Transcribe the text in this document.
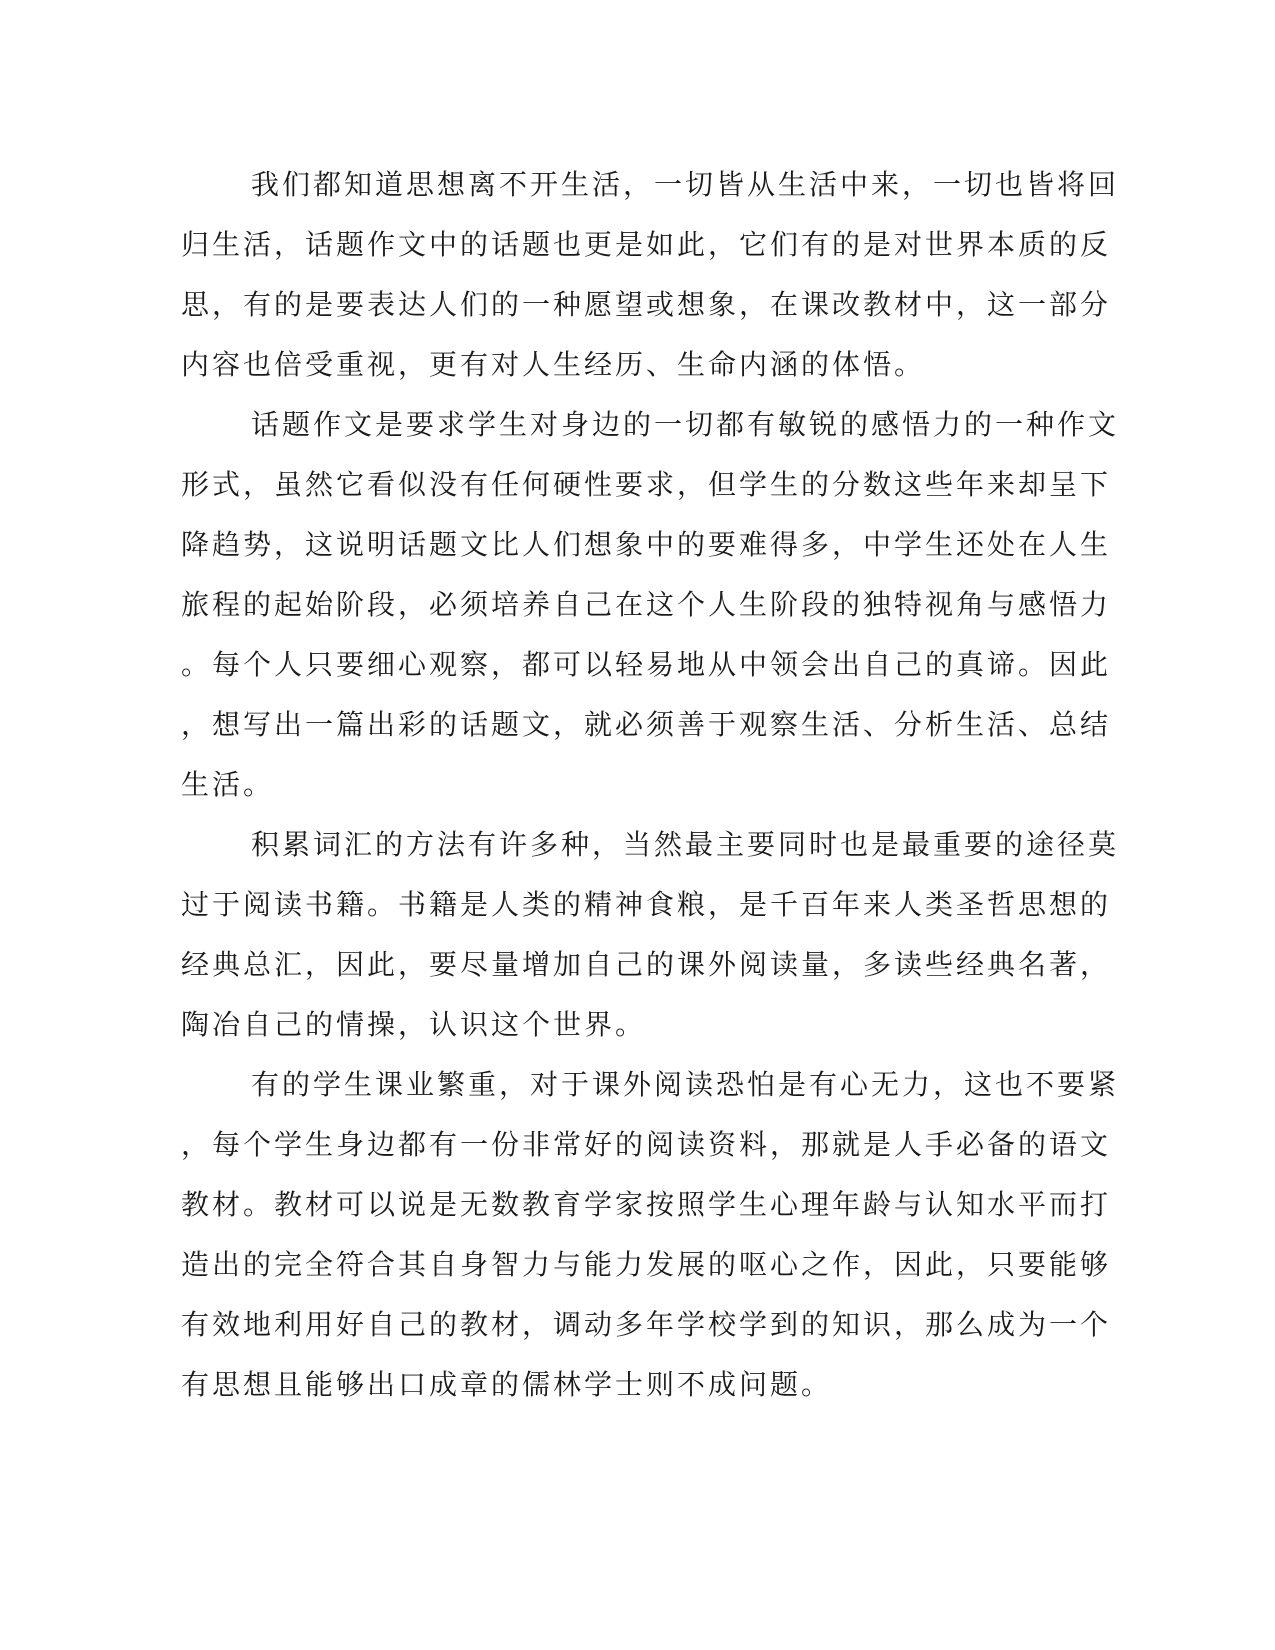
我们都知道思想离不开生活，一切皆从生活中来，一切也皆将回
归生活，话题作文中的话题也更是如此，它们有的是对世界本质的反
思，有的是要表达人们的一种愿望或想象，在课改教材中，这一部分
内容也倍受重视，更有对人生经历、生命内涵的体悟。
话题作文是要求学生对身边的一切都有敏锐的感悟力的一种作文
形式，虽然它看似没有任何硬性要求，但学生的分数这些年来却呈下
降趋势，这说明话题文比人们想象中的要难得多，中学生还处在人生
旅程的起始阶段，必须培养自己在这个人生阶段的独特视角与感悟力
。每个人只要细心观察，都可以轻易地从中领会出自己的真谛。因此
，想写出一篇出彩的话题文，就必须善于观察生活、分析生活、总结
生活。
积累词汇的方法有许多种，当然最主要同时也是最重要的途径莫
过于阅读书籍。书籍是人类的精神食粮，是千百年来人类圣哲思想的
经典总汇，因此，要尽量增加自己的课外阅读量，多读些经典名著，
陶冶自己的情操，认识这个世界。
有的学生课业繁重，对于课外阅读恐怕是有心无力，这也不要紧
，每个学生身边都有一份非常好的阅读资料，那就是人手必备的语文
教材。教材可以说是无数教育学家按照学生心理年龄与认知水平而打
造出的完全符合其自身智力与能力发展的呕心之作，因此，只要能够
有效地利用好自己的教材，调动多年学校学到的知识，那么成为一个
有思想且能够出口成章的儒林学士则不成问题。
